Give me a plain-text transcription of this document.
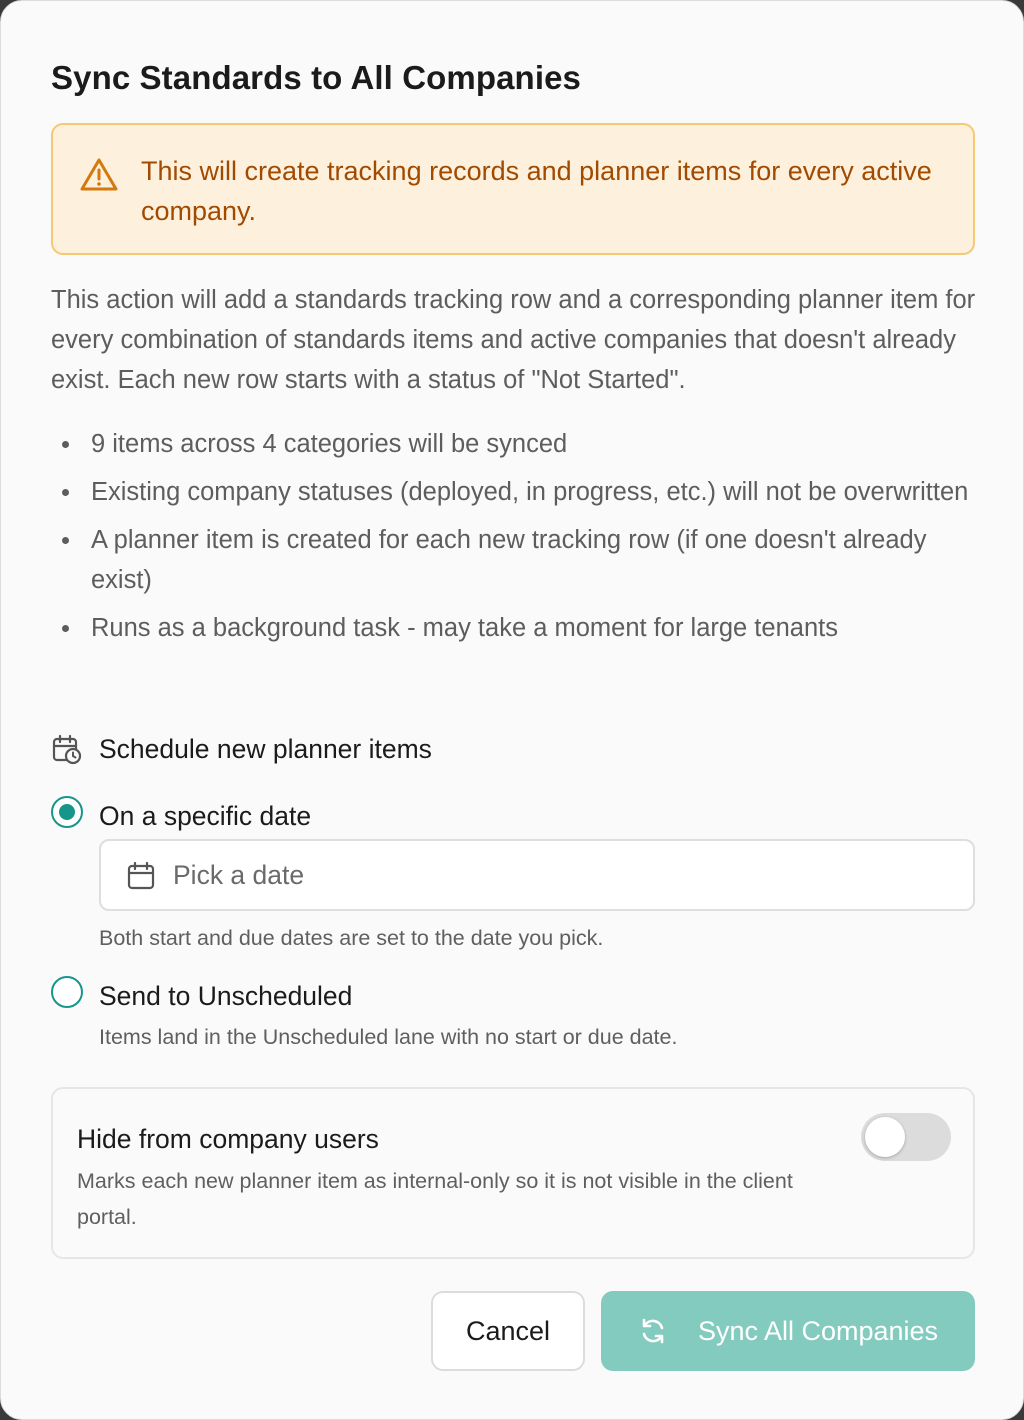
Sync Standards to All Companies

This will create tracking records and planner items for every active company.

This action will add a standards tracking row and a corresponding planner item for every combination of standards items and active companies that doesn't already exist. Each new row starts with a status of "Not Started".

9 items across 4 categories will be synced
Existing company statuses (deployed, in progress, etc.) will not be overwritten
A planner item is created for each new tracking row (if one doesn't already exist)
Runs as a background task - may take a moment for large tenants
Schedule new planner items
On a specific date
Pick a date
Both start and due dates are set to the date you pick.
Send to Unscheduled
Items land in the Unscheduled lane with no start or due date.
Hide from company users

Marks each new planner item as internal-only so it is not visible in the client portal.

Cancel	Sync All Companies
